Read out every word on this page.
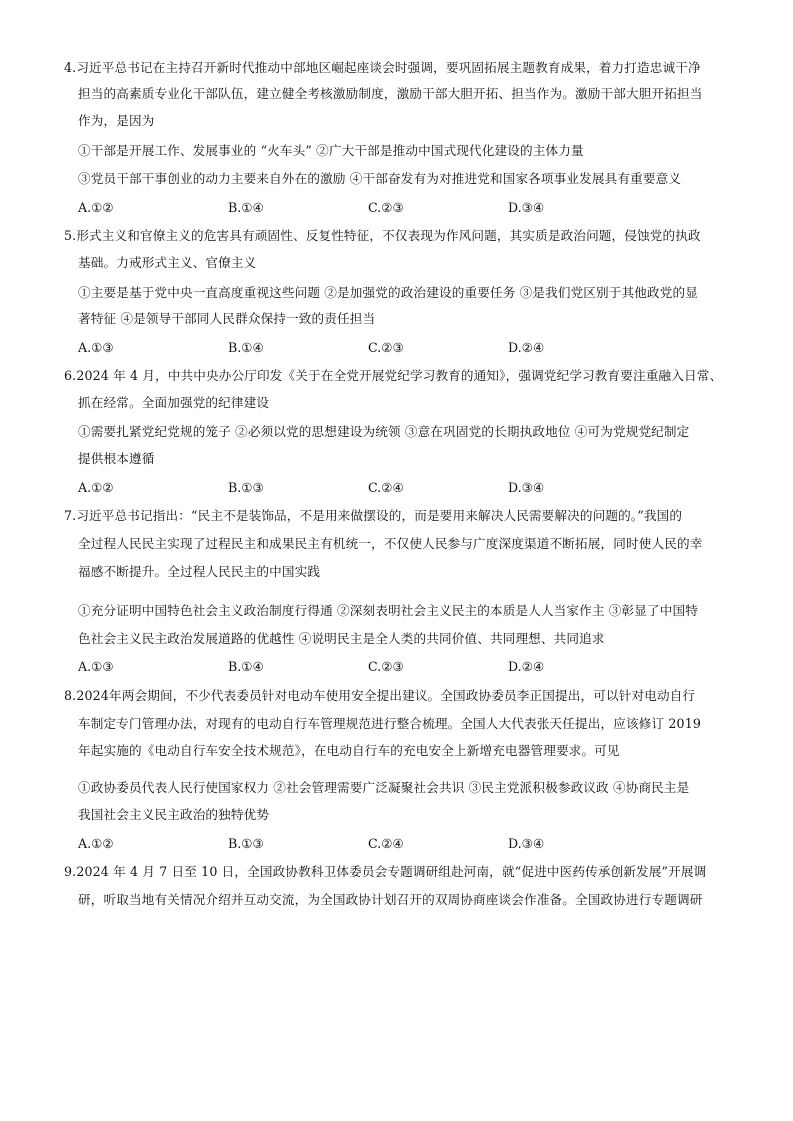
4.习近平总书记在主持召开新时代推动中部地区崛起座谈会时强调，要巩固拓展主题教育成果，着力打造忠诚干净
担当的高素质专业化干部队伍，建立健全考核激励制度，激励干部大胆开拓、担当作为。激励干部大胆开拓担当
作为，是因为
①干部是开展工作、发展事业的 “火车头” ②广大干部是推动中国式现代化建设的主体力量
③党员干部干事创业的动力主要来自外在的激励 ④干部奋发有为对推进党和国家各项事业发展具有重要意义
A.①②	B.①④	C.②③	D.③④
5.形式主义和官僚主义的危害具有顽固性、反复性特征，不仅表现为作风问题，其实质是政治问题，侵蚀党的执政
基础。力戒形式主义、官僚主义
①主要是基于党中央一直高度重视这些问题 ②是加强党的政治建设的重要任务 ③是我们党区别于其他政党的显
著特征 ④是领导干部同人民群众保持一致的责任担当
A.①③	B.①④	C.②③	D.②④
6.2024 年 4 月，中共中央办公厅印发《关于在全党开展党纪学习教育的通知》，强调党纪学习教育要注重融入日常、
抓在经常。全面加强党的纪律建设
①需要扎紧党纪党规的笼子 ②必须以党的思想建设为统领 ③意在巩固党的长期执政地位 ④可为党规党纪制定
提供根本遵循
A.①②	B.①③	C.②④	D.③④
7.习近平总书记指出：“民主不是装饰品，不是用来做摆设的，而是要用来解决人民需要解决的问题的。”我国的
全过程人民民主实现了过程民主和成果民主有机统一，不仅使人民参与广度深度渠道不断拓展，同时使人民的幸
福感不断提升。全过程人民民主的中国实践
①充分证明中国特色社会主义政治制度行得通 ②深刻表明社会主义民主的本质是人人当家作主 ③彰显了中国特
色社会主义民主政治发展道路的优越性 ④说明民主是全人类的共同价值、共同理想、共同追求
A.①③	B.①④	C.②③	D.②④
8.2024年两会期间，不少代表委员针对电动车使用安全提出建议。全国政协委员李正国提出，可以针对电动自行
车制定专门管理办法，对现有的电动自行车管理规范进行整合梳理。全国人大代表张天任提出，应该修订 2019
年起实施的《电动自行车安全技术规范》，在电动自行车的充电安全上新增充电器管理要求。可见
①政协委员代表人民行使国家权力 ②社会管理需要广泛凝聚社会共识 ③民主党派积极参政议政 ④协商民主是
我国社会主义民主政治的独特优势
A.①②	B.①③	C.②④	D.③④
9.2024 年 4 月 7 日至 10 日，全国政协教科卫体委员会专题调研组赴河南，就“促进中医药传承创新发展”开展调
研，听取当地有关情况介绍并互动交流，为全国政协计划召开的双周协商座谈会作准备。全国政协进行专题调研
